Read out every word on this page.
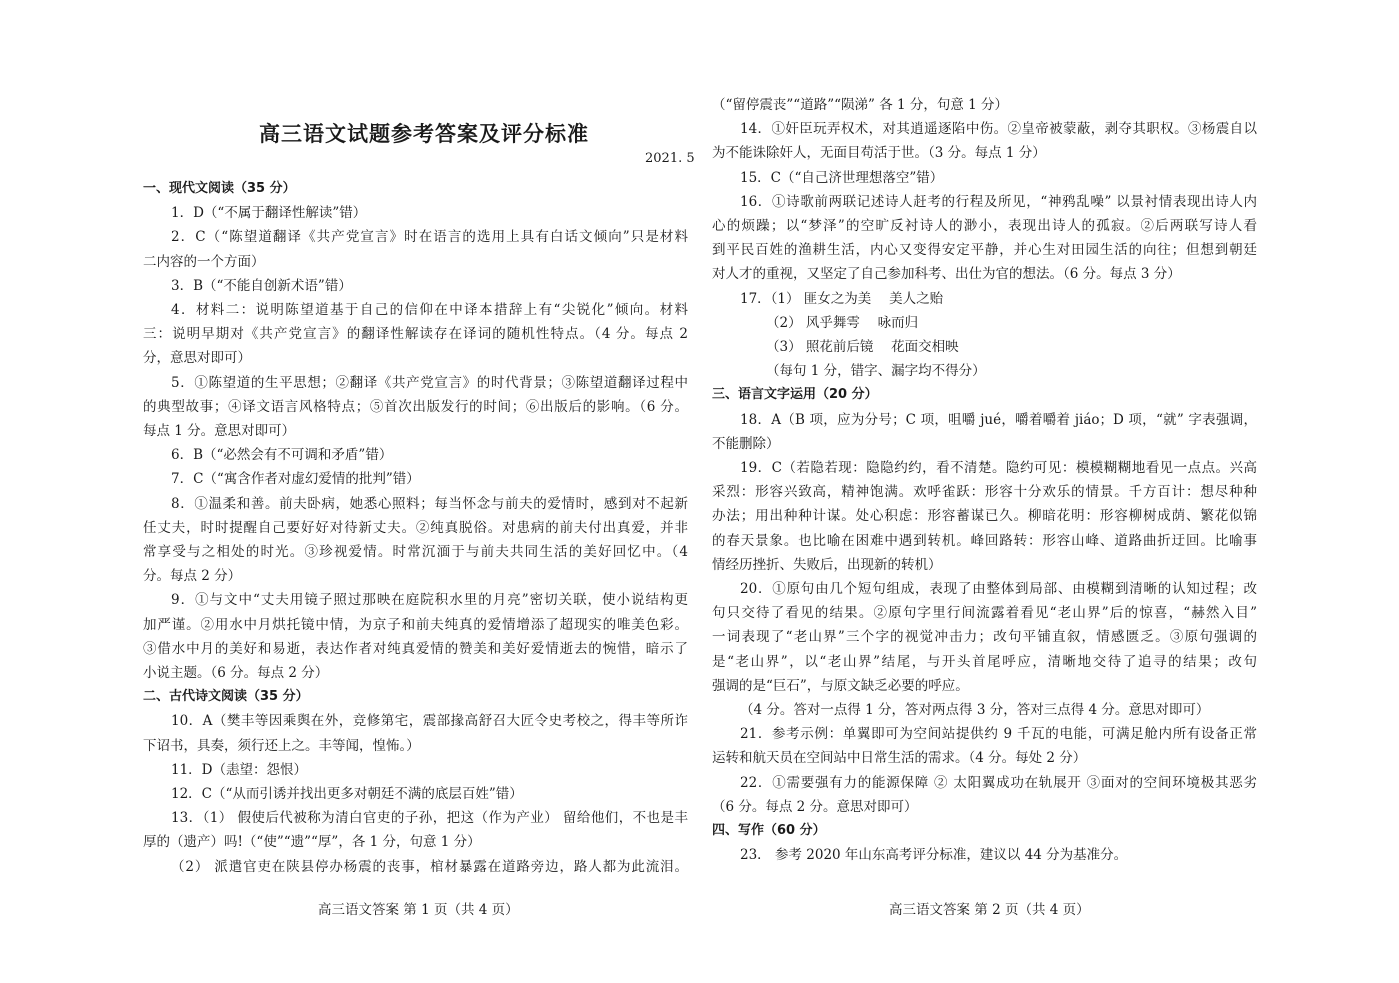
高三语文试题参考答案及评分标准
2021. 5
一、现代文阅读（35 分）
1．D（“不属于翻译性解读”错）
2．C（“陈望道翻译《共产党宣言》时在语言的选用上具有白话文倾向”只是材料
二内容的一个方面）
3．B（“不能自创新术语”错）
4．材料二：说明陈望道基于自己的信仰在中译本措辞上有“尖锐化”倾向。材料
三：说明早期对《共产党宣言》的翻译性解读存在译词的随机性特点。（4 分。每点 2
分，意思对即可）
5．①陈望道的生平思想；②翻译《共产党宣言》的时代背景；③陈望道翻译过程中
的典型故事；④译文语言风格特点；⑤首次出版发行的时间；⑥出版后的影响。（6 分。
每点 1 分。意思对即可）
6．B（“必然会有不可调和矛盾”错）
7．C（“寓含作者对虚幻爱情的批判”错）
8．①温柔和善。前夫卧病，她悉心照料；每当怀念与前夫的爱情时，感到对不起新
任丈夫，时时提醒自己要好好对待新丈夫。②纯真脱俗。对患病的前夫付出真爱，并非
常享受与之相处的时光。③珍视爱情。时常沉湎于与前夫共同生活的美好回忆中。（4
分。每点 2 分）
9．①与文中“丈夫用镜子照过那映在庭院积水里的月亮”密切关联，使小说结构更
加严谨。②用水中月烘托镜中情，为京子和前夫纯真的爱情增添了超现实的唯美色彩。
③借水中月的美好和易逝，表达作者对纯真爱情的赞美和美好爱情逝去的惋惜，暗示了
小说主题。（6 分。每点 2 分）
二、古代诗文阅读（35 分）
10．A（樊丰等因乘舆在外，竞修第宅，震部掾高舒召大匠令史考校之，得丰等所诈
下诏书，具奏，须行还上之。丰等闻，惶怖。）
11．D（恚望：怨恨）
12．C（“从而引诱并找出更多对朝廷不满的底层百姓”错）
13．（1） 假使后代被称为清白官吏的子孙，把这（作为产业） 留给他们，不也是丰
厚的（遗产）吗!（“使”“遗”“厚”，各 1 分，句意 1 分）
（2） 派遣官吏在陕县停办杨震的丧事，棺材暴露在道路旁边，路人都为此流泪。
（“留停震丧”“道路”“陨涕” 各 1 分，句意 1 分）
14．①奸臣玩弄权术，对其逍遥逐陷中伤。②皇帝被蒙蔽，剥夺其职权。③杨震自以
为不能诛除奸人，无面目苟活于世。（3 分。每点 1 分）
15．C（“自己济世理想落空”错）
16．①诗歌前两联记述诗人赶考的行程及所见，“神鸦乱噪” 以景衬情表现出诗人内
心的烦躁；以“梦泽”的空旷反衬诗人的渺小，表现出诗人的孤寂。②后两联写诗人看
到平民百姓的渔耕生活，内心又变得安定平静，并心生对田园生活的向往；但想到朝廷
对人才的重视，又坚定了自己参加科考、出仕为官的想法。（6 分。每点 3 分）
17．（1） 匪女之为美　 美人之贻
（2） 风乎舞雩　 咏而归
（3） 照花前后镜　 花面交相映
（每句 1 分，错字、漏字均不得分）
三、语言文字运用（20 分）
18．A（B 项，应为分号；C 项，咀嚼 jué，嚼着嚼着 jiáo；D 项，“就” 字表强调，
不能删除）
19．C（若隐若现：隐隐约约，看不清楚。隐约可见：模模糊糊地看见一点点。兴高
采烈：形容兴致高，精神饱满。欢呼雀跃：形容十分欢乐的情景。千方百计：想尽种种
办法；用出种种计谋。处心积虑：形容蓄谋已久。柳暗花明：形容柳树成荫、繁花似锦
的春天景象。也比喻在困难中遇到转机。峰回路转：形容山峰、道路曲折迂回。比喻事
情经历挫折、失败后，出现新的转机）
20．①原句由几个短句组成，表现了由整体到局部、由模糊到清晰的认知过程；改
句只交待了看见的结果。②原句字里行间流露着看见“老山界”后的惊喜，“赫然入目”
一词表现了“老山界”三个字的视觉冲击力；改句平铺直叙，情感匮乏。③原句强调的
是“老山界”，以“老山界”结尾，与开头首尾呼应，清晰地交待了追寻的结果；改句
强调的是“巨石”，与原文缺乏必要的呼应。
（4 分。答对一点得 1 分，答对两点得 3 分，答对三点得 4 分。意思对即可）
21．参考示例：单翼即可为空间站提供约 9 千瓦的电能，可满足舱内所有设备正常
运转和航天员在空间站中日常生活的需求。（4 分。每处 2 分）
22．①需要强有力的能源保障 ② 太阳翼成功在轨展开 ③面对的空间环境极其恶劣
（6 分。每点 2 分。意思对即可）
四、写作（60 分）
23． 参考 2020 年山东高考评分标准，建议以 44 分为基准分。
高三语文答案 第 1 页（共 4 页）	高三语文答案 第 2 页（共 4 页）
